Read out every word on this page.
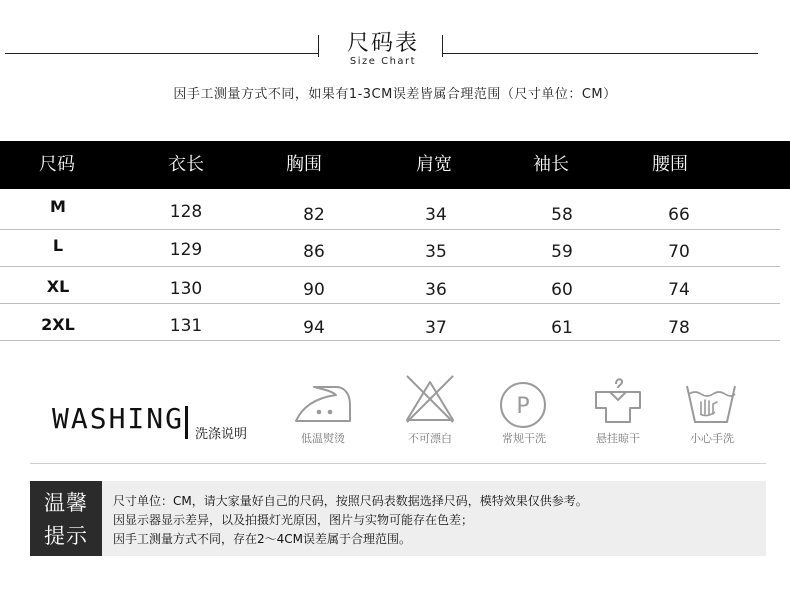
尺码表
Size Chart
因手工测量方式不同，如果有1-3CM误差皆属合理范围（尺寸单位：CM）
尺码	衣长	胸围	肩宽	袖长	腰围
M	128	82	34	58	66
L	129	86	35	59	70
XL	130	90	36	60	74
2XL	131	94	37	61	78
WASHING 洗涤说明	低温熨烫	不可漂白
P
常规干洗	悬挂晾干	小心手洗
温馨
提示
尺寸单位：CM，请大家量好自己的尺码，按照尺码表数据选择尺码，模特效果仅供参考。
因显示器显示差异，以及拍摄灯光原因，图片与实物可能存在色差；
因手工测量方式不同，存在2～4CM误差属于合理范围。
